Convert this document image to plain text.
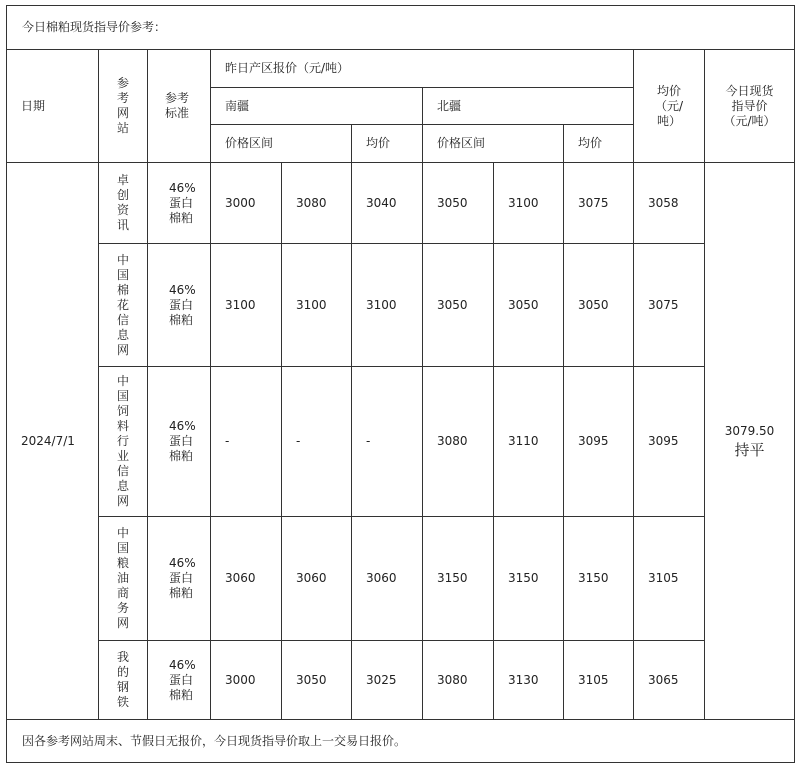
今日棉粕现货指导价参考：										
日期	参考网站	参考标准	昨日产区报价（元/吨）						均价（元/吨）	今日现货指导价（元/吨）

			南疆			北疆				
			价格区间		均价	价格区间		均价		
2024/7/1	卓创资讯	46%蛋白棉粕	3000	3080	3040	3050	3100	3075	3058	3079.50
持平

	中国棉花信息网	46%蛋白棉粕	3100	3100	3100	3050	3050	3050	3075	

	中国饲料行业信息网	46%蛋白棉粕	-	-	-	3080	3110	3095	3095	

	中国粮油商务网	46%蛋白棉粕	3060	3060	3060	3150	3150	3150	3105	

	我的钢铁	46%蛋白棉粕	3000	3050	3025	3080	3130	3105	3065	
因各参考网站周末、节假日无报价，今日现货指导价取上一交易日报价。										
